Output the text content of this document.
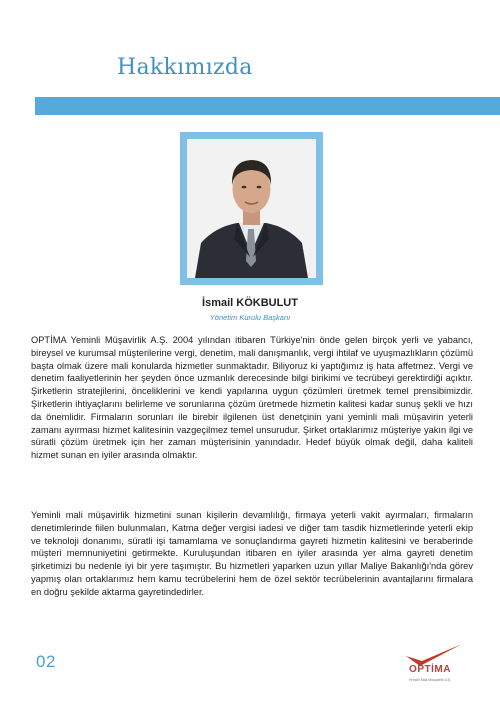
Hakkımızda

İsmail KÖKBULUT

Yönetim Kurulu Başkanı

OPTİMA Yeminli Müşavirlik A.Ş. 2004 yılından itibaren Türkiye'nin önde gelen birçok yerli ve yabancı, bireysel ve kurumsal müşterilerine vergi, denetim, mali danışmanlık, vergi ihtilaf ve uyuşmazlıkların çözümü başta olmak üzere mali konularda hizmetler sunmaktadır. Biliyoruz ki yaptığımız iş hata affetmez. Vergi ve denetim faaliyetlerinin her şeyden önce uzmanlık derecesinde bilgi birikimi ve tecrübeyi gerektirdiği açıktır. Şirketlerin stratejilerini, önceliklerini ve kendi yapılarına uygun çözümleri üretmek temel prensibimizdir. Şirketlerin ihtiyaçlarını belirleme ve sorunlarına çözüm üretmede hizmetin kalitesi kadar sunuş şekli ve hızı da önemlidir. Firmaların sorunları ile birebir ilgilenen üst denetçinin yani yeminli mali müşavirin yeterli zamanı ayırması hizmet kalitesinin vazgeçilmez temel unsurudur. Şirket ortaklarımız müşteriye yakın ilgi ve süratli çözüm üretmek için her zaman müşterisinin yanındadır. Hedef büyük olmak değil, daha kaliteli hizmet sunan en iyiler arasında olmaktır.

Yeminli mali müşavirlik hizmetini sunan kişilerin devamlılığı, firmaya yeterli vakit ayırmaları, firmaların denetimlerinde fiilen bulunmaları, Katma değer vergisi iadesi ve diğer tam tasdik hizmetlerinde yeterli ekip ve teknoloji donanımı, süratli işi tamamlama ve sonuçlandırma gayreti hizmetin kalitesini ve beraberinde müşteri memnuniyetini getirmekte. Kuruluşundan itibaren en iyiler arasında yer alma gayreti denetim şirketimizi bu nedenle iyi bir yere taşımıştır. Bu hizmetleri yaparken uzun yıllar Maliye Bakanlığı'nda görev yapmış olan ortaklarımız hem kamu tecrübelerini hem de özel sektör tecrübelerinin avantajlarını firmalara en doğru şekilde aktarma gayretindedirler.

02	OPTİMA
Yeminli Mali Müşavirlik A.Ş.
